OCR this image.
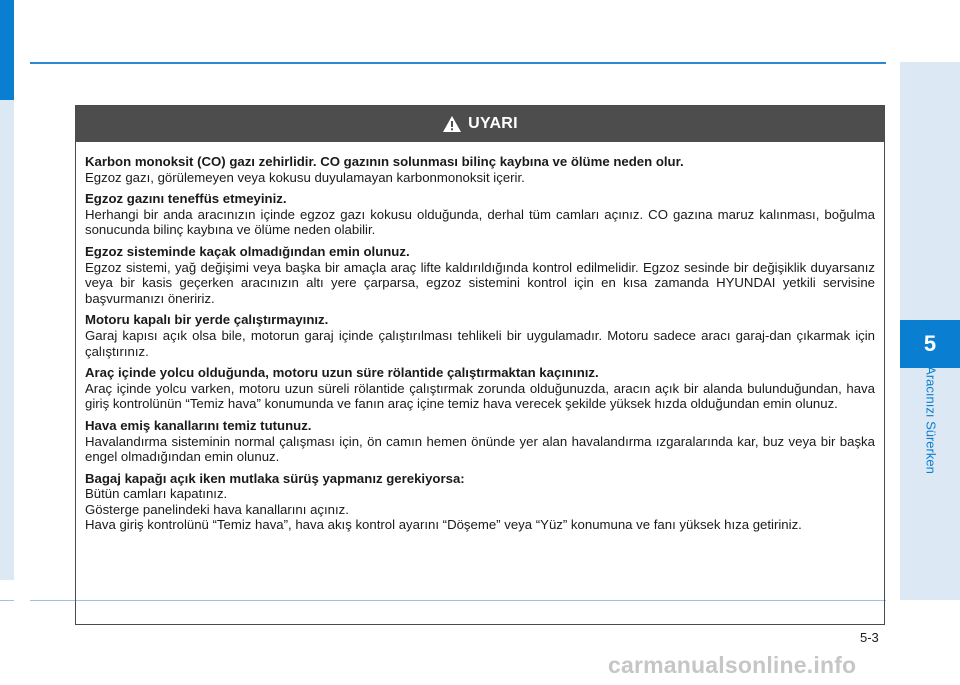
5
Aracınızı Sürerken
UYARI
Karbon monoksit (CO) gazı zehirlidir. CO gazının solunması bilinç kaybına ve ölüme neden olur.
Egzoz gazı, görülemeyen veya kokusu duyulamayan karbonmonoksit içerir.
Egzoz gazını teneffüs etmeyiniz.
Herhangi bir anda aracınızın içinde egzoz gazı kokusu olduğunda, derhal tüm camları açınız. CO gazına maruz kalınması, boğulma sonucunda bilinç kaybına ve ölüme neden olabilir.
Egzoz sisteminde kaçak olmadığından emin olunuz.
Egzoz sistemi, yağ değişimi veya başka bir amaçla araç lifte kaldırıldığında kontrol edilmelidir. Egzoz sesinde bir değişiklik duyarsanız veya bir kasis geçerken aracınızın altı yere çarparsa, egzoz sistemini kontrol için en kısa zamanda HYUNDAI yetkili servisine başvurmanızı öneririz.
Motoru kapalı bir yerde çalıştırmayınız.
Garaj kapısı açık olsa bile, motorun garaj içinde çalıştırılması tehlikeli bir uygulamadır. Motoru sadece aracı garaj-dan çıkarmak için çalıştırınız.
Araç içinde yolcu olduğunda, motoru uzun süre rölantide çalıştırmaktan kaçınınız.
Araç içinde yolcu varken, motoru uzun süreli rölantide çalıştırmak zorunda olduğunuzda, aracın açık bir alanda bulunduğundan, hava giriş kontrolünün “Temiz hava” konumunda ve fanın araç içine temiz hava verecek şekilde yüksek hızda olduğundan emin olunuz.
Hava emiş kanallarını temiz tutunuz.
Havalandırma sisteminin normal çalışması için, ön camın hemen önünde yer alan havalandırma ızgaralarında kar, buz veya bir başka engel olmadığından emin olunuz.
Bagaj kapağı açık iken mutlaka sürüş yapmanız gerekiyorsa:
Bütün camları kapatınız.
Gösterge panelindeki hava kanallarını açınız.
Hava giriş kontrolünü “Temiz hava”, hava akış kontrol ayarını “Döşeme” veya “Yüz” konumuna ve fanı yüksek hıza getiriniz.
5-3
carmanualsonline.info
